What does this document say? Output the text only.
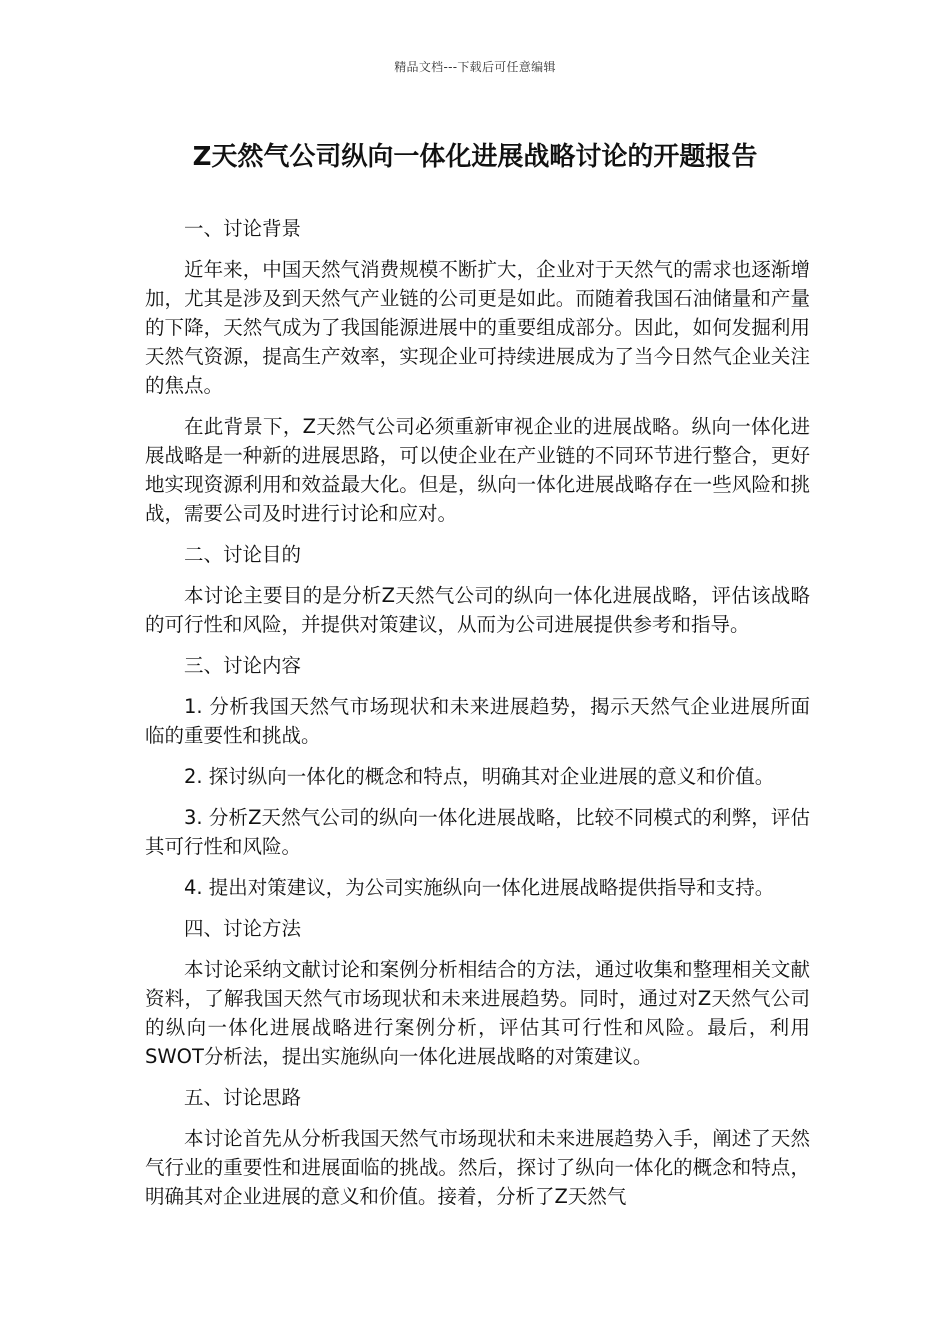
精品文档---下载后可任意编辑
Z天然气公司纵向一体化进展战略讨论的开题报告
一、讨论背景

近年来，中国天然气消费规模不断扩大，企业对于天然气的需求也逐渐增加，尤其是涉及到天然气产业链的公司更是如此。而随着我国石油储量和产量的下降，天然气成为了我国能源进展中的重要组成部分。因此，如何发掘利用天然气资源，提高生产效率，实现企业可持续进展成为了当今日然气企业关注的焦点。

在此背景下，Z天然气公司必须重新审视企业的进展战略。纵向一体化进展战略是一种新的进展思路，可以使企业在产业链的不同环节进行整合，更好地实现资源利用和效益最大化。但是，纵向一体化进展战略存在一些风险和挑战，需要公司及时进行讨论和应对。

二、讨论目的

本讨论主要目的是分析Z天然气公司的纵向一体化进展战略，评估该战略的可行性和风险，并提供对策建议，从而为公司进展提供参考和指导。

三、讨论内容

1. 分析我国天然气市场现状和未来进展趋势，揭示天然气企业进展所面临的重要性和挑战。

2. 探讨纵向一体化的概念和特点，明确其对企业进展的意义和价值。

3. 分析Z天然气公司的纵向一体化进展战略，比较不同模式的利弊，评估其可行性和风险。

4. 提出对策建议，为公司实施纵向一体化进展战略提供指导和支持。

四、讨论方法

本讨论采纳文献讨论和案例分析相结合的方法，通过收集和整理相关文献资料，了解我国天然气市场现状和未来进展趋势。同时，通过对Z天然气公司的纵向一体化进展战略进行案例分析，评估其可行性和风险。最后，利用SWOT分析法，提出实施纵向一体化进展战略的对策建议。

五、讨论思路

本讨论首先从分析我国天然气市场现状和未来进展趋势入手，阐述了天然气行业的重要性和进展面临的挑战。然后，探讨了纵向一体化的概念和特点，明确其对企业进展的意义和价值。接着，分析了Z天然气
